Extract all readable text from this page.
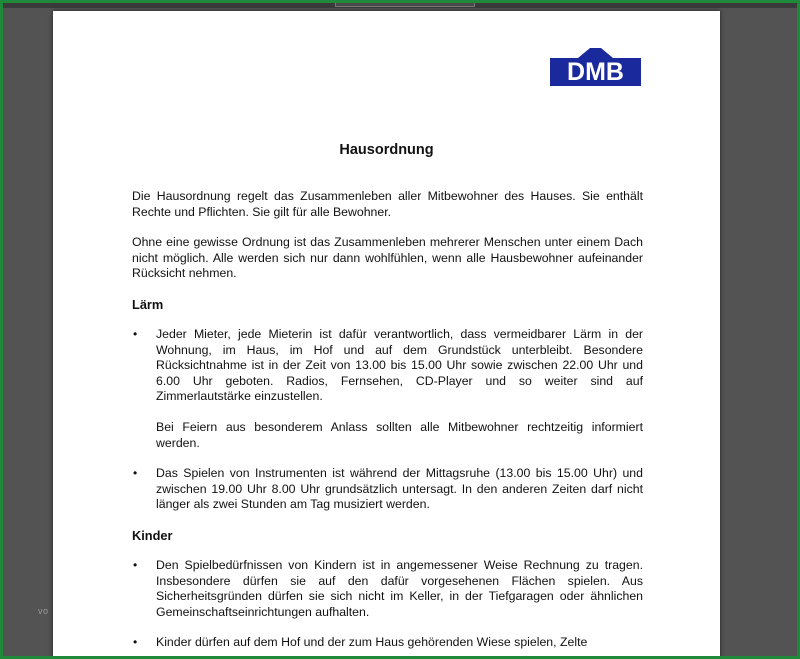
vo
DMB
Hausordnung

Die Hausordnung regelt das Zusammenleben aller Mitbewohner des Hauses. Sie enthält Rechte und Pflichten. Sie gilt für alle Bewohner.

Ohne eine gewisse Ordnung ist das Zusammenleben mehrerer Menschen unter einem Dach nicht möglich. Alle werden sich nur dann wohlfühlen, wenn alle Hausbewohner aufeinander Rücksicht nehmen.

Lärm

• Jeder Mieter, jede Mieterin ist dafür verantwortlich, dass vermeidbarer Lärm in der Wohnung, im Haus, im Hof und auf dem Grundstück unterbleibt. Besondere Rücksichtnahme ist in der Zeit von 13.00 bis 15.00 Uhr sowie zwischen 22.00 Uhr und 6.00 Uhr geboten. Radios, Fernsehen, CD-Player und so weiter sind auf Zimmerlautstärke einzustellen.

Bei Feiern aus besonderem Anlass sollten alle Mitbewohner rechtzeitig informiert werden.

• Das Spielen von Instrumenten ist während der Mittagsruhe (13.00 bis 15.00 Uhr) und zwischen 19.00 Uhr 8.00 Uhr grundsätzlich untersagt. In den anderen Zeiten darf nicht länger als zwei Stunden am Tag musiziert werden.

Kinder

• Den Spielbedürfnissen von Kindern ist in angemessener Weise Rechnung zu tragen. Insbesondere dürfen sie auf den dafür vorgesehenen Flächen spielen. Aus Sicherheitsgründen dürfen sie sich nicht im Keller, in der Tiefgaragen oder ähnlichen Gemeinschaftseinrichtungen aufhalten.
• Kinder dürfen auf dem Hof und der zum Haus gehörenden Wiese spielen, Zelte
